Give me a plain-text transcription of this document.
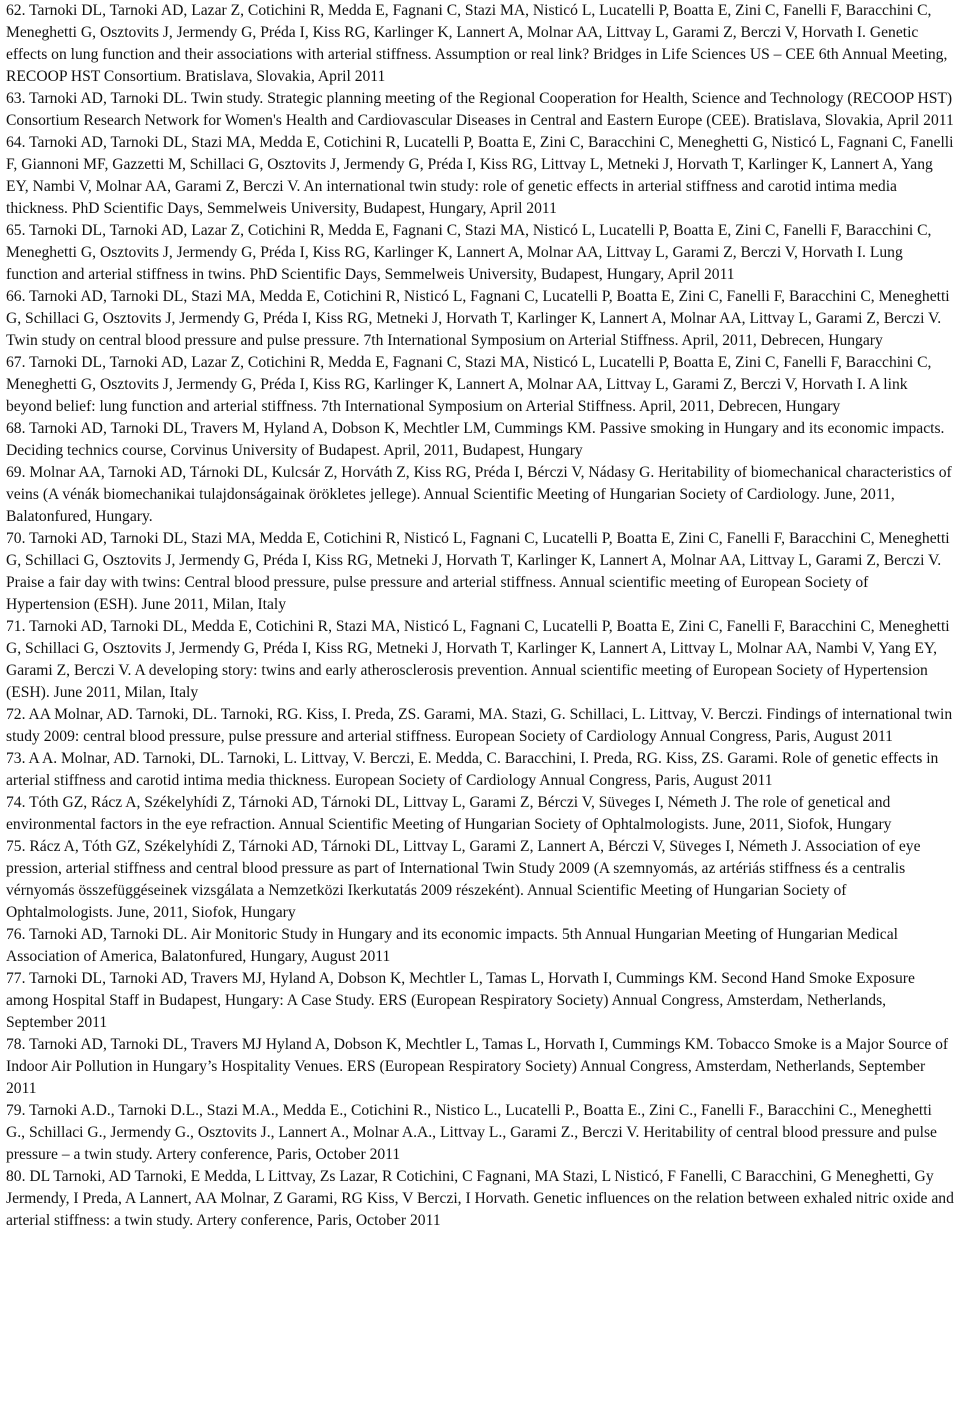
62. Tarnoki DL, Tarnoki AD, Lazar Z, Cotichini R, Medda E, Fagnani C, Stazi MA, Nisticó L, Lucatelli P, Boatta E, Zini C, Fanelli F, Baracchini C, Meneghetti G, Osztovits J, Jermendy G, Préda I, Kiss RG, Karlinger K, Lannert A, Molnar AA, Littvay L, Garami Z, Berczi V, Horvath I. Genetic effects on lung function and their associations with arterial stiffness. Assumption or real link? Bridges in Life Sciences US – CEE 6th Annual Meeting, RECOOP HST Consortium. Bratislava, Slovakia, April 2011

63. Tarnoki AD, Tarnoki DL. Twin study. Strategic planning meeting of the Regional Cooperation for Health, Science and Technology (RECOOP HST) Consortium Research Network for Women's Health and Cardiovascular Diseases in Central and Eastern Europe (CEE). Bratislava, Slovakia, April 2011

64. Tarnoki AD, Tarnoki DL, Stazi MA, Medda E, Cotichini R, Lucatelli P, Boatta E, Zini C, Baracchini C, Meneghetti G, Nisticó L, Fagnani C, Fanelli F, Giannoni MF, Gazzetti M, Schillaci G, Osztovits J, Jermendy G, Préda I, Kiss RG, Littvay L, Metneki J, Horvath T, Karlinger K, Lannert A, Yang EY, Nambi V, Molnar AA, Garami Z, Berczi V. An international twin study: role of genetic effects in arterial stiffness and carotid intima media thickness. PhD Scientific Days, Semmelweis University, Budapest, Hungary, April 2011

65. Tarnoki DL, Tarnoki AD, Lazar Z, Cotichini R, Medda E, Fagnani C, Stazi MA, Nisticó L, Lucatelli P, Boatta E, Zini C, Fanelli F, Baracchini C, Meneghetti G, Osztovits J, Jermendy G, Préda I, Kiss RG, Karlinger K, Lannert A, Molnar AA, Littvay L, Garami Z, Berczi V, Horvath I. Lung function and arterial stiffness in twins. PhD Scientific Days, Semmelweis University, Budapest, Hungary, April 2011

66. Tarnoki AD, Tarnoki DL, Stazi MA, Medda E, Cotichini R, Nisticó L, Fagnani C, Lucatelli P, Boatta E, Zini C, Fanelli F, Baracchini C, Meneghetti G, Schillaci G, Osztovits J, Jermendy G, Préda I, Kiss RG, Metneki J, Horvath T, Karlinger K, Lannert A, Molnar AA, Littvay L, Garami Z, Berczi V. Twin study on central blood pressure and pulse pressure. 7th International Symposium on Arterial Stiffness. April, 2011, Debrecen, Hungary

67. Tarnoki DL, Tarnoki AD, Lazar Z, Cotichini R, Medda E, Fagnani C, Stazi MA, Nisticó L, Lucatelli P, Boatta E, Zini C, Fanelli F, Baracchini C, Meneghetti G, Osztovits J, Jermendy G, Préda I, Kiss RG, Karlinger K, Lannert A, Molnar AA, Littvay L, Garami Z, Berczi V, Horvath I. A link beyond belief: lung function and arterial stiffness. 7th International Symposium on Arterial Stiffness. April, 2011, Debrecen, Hungary

68. Tarnoki AD, Tarnoki DL, Travers M, Hyland A, Dobson K, Mechtler LM, Cummings KM. Passive smoking in Hungary and its economic impacts. Deciding technics course, Corvinus University of Budapest. April, 2011, Budapest, Hungary

69. Molnar AA, Tarnoki AD, Tárnoki DL, Kulcsár Z, Horváth Z, Kiss RG, Préda I, Bérczi V, Nádasy G. Heritability of biomechanical characteristics of veins (A vénák biomechanikai tulajdonságainak örökletes jellege). Annual Scientific Meeting of Hungarian Society of Cardiology. June, 2011, Balatonfured, Hungary.

70. Tarnoki AD, Tarnoki DL, Stazi MA, Medda E, Cotichini R, Nisticó L, Fagnani C, Lucatelli P, Boatta E, Zini C, Fanelli F, Baracchini C, Meneghetti G, Schillaci G, Osztovits J, Jermendy G, Préda I, Kiss RG, Metneki J, Horvath T, Karlinger K, Lannert A, Molnar AA, Littvay L, Garami Z, Berczi V. Praise a fair day with twins: Central blood pressure, pulse pressure and arterial stiffness. Annual scientific meeting of European Society of Hypertension (ESH). June 2011, Milan, Italy

71. Tarnoki AD, Tarnoki DL, Medda E, Cotichini R, Stazi MA, Nisticó L, Fagnani C, Lucatelli P, Boatta E, Zini C, Fanelli F, Baracchini C, Meneghetti G, Schillaci G, Osztovits J, Jermendy G, Préda I, Kiss RG, Metneki J, Horvath T, Karlinger K, Lannert A, Littvay L, Molnar AA, Nambi V, Yang EY, Garami Z, Berczi V. A developing story: twins and early atherosclerosis prevention. Annual scientific meeting of European Society of Hypertension (ESH). June 2011, Milan, Italy

72. AA Molnar, AD. Tarnoki, DL. Tarnoki, RG. Kiss, I. Preda, ZS. Garami, MA. Stazi, G. Schillaci, L. Littvay, V. Berczi. Findings of international twin study 2009: central blood pressure, pulse pressure and arterial stiffness. European Society of Cardiology Annual Congress, Paris, August 2011

73. A A. Molnar, AD. Tarnoki, DL. Tarnoki, L. Littvay, V. Berczi, E. Medda, C. Baracchini, I. Preda, RG. Kiss, ZS. Garami. Role of genetic effects in arterial stiffness and carotid intima media thickness. European Society of Cardiology Annual Congress, Paris, August 2011

74. Tóth GZ, Rácz A, Székelyhídi Z, Tárnoki AD, Tárnoki DL, Littvay L, Garami Z, Bérczi V, Süveges I, Németh J. The role of genetical and environmental factors in the eye refraction. Annual Scientific Meeting of Hungarian Society of Ophtalmologists. June, 2011, Siofok, Hungary

75. Rácz A, Tóth GZ, Székelyhídi Z, Tárnoki AD, Tárnoki DL, Littvay L, Garami Z, Lannert A, Bérczi V, Süveges I, Németh J. Association of eye pression, arterial stiffness and central blood pressure as part of International Twin Study 2009 (A szemnyomás, az artériás stiffness és a centralis vérnyomás összefüggéseinek vizsgálata a Nemzetközi Ikerkutatás 2009 részeként). Annual Scientific Meeting of Hungarian Society of Ophtalmologists. June, 2011, Siofok, Hungary

76. Tarnoki AD, Tarnoki DL. Air Monitoric Study in Hungary and its economic impacts. 5th Annual Hungarian Meeting of Hungarian Medical Association of America, Balatonfured, Hungary, August 2011

77. Tarnoki DL, Tarnoki AD, Travers MJ, Hyland A, Dobson K, Mechtler L, Tamas L, Horvath I, Cummings KM. Second Hand Smoke Exposure among Hospital Staff in Budapest, Hungary: A Case Study. ERS (European Respiratory Society) Annual Congress, Amsterdam, Netherlands, September 2011

78. Tarnoki AD, Tarnoki DL, Travers MJ Hyland A, Dobson K, Mechtler L, Tamas L, Horvath I, Cummings KM. Tobacco Smoke is a Major Source of Indoor Air Pollution in Hungary’s Hospitality Venues. ERS (European Respiratory Society) Annual Congress, Amsterdam, Netherlands, September 2011

79. Tarnoki A.D., Tarnoki D.L., Stazi M.A., Medda E., Cotichini R., Nistico L., Lucatelli P., Boatta E., Zini C., Fanelli F., Baracchini C., Meneghetti G., Schillaci G., Jermendy G., Osztovits J., Lannert A., Molnar A.A., Littvay L., Garami Z., Berczi V. Heritability of central blood pressure and pulse pressure – a twin study. Artery conference, Paris, October 2011

80. DL Tarnoki, AD Tarnoki, E Medda, L Littvay, Zs Lazar, R Cotichini, C Fagnani, MA Stazi, L Nisticó, F Fanelli, C Baracchini, G Meneghetti, Gy Jermendy, I Preda, A Lannert, AA Molnar, Z Garami, RG Kiss, V Berczi, I Horvath. Genetic influences on the relation between exhaled nitric oxide and arterial stiffness: a twin study. Artery conference, Paris, October 2011
